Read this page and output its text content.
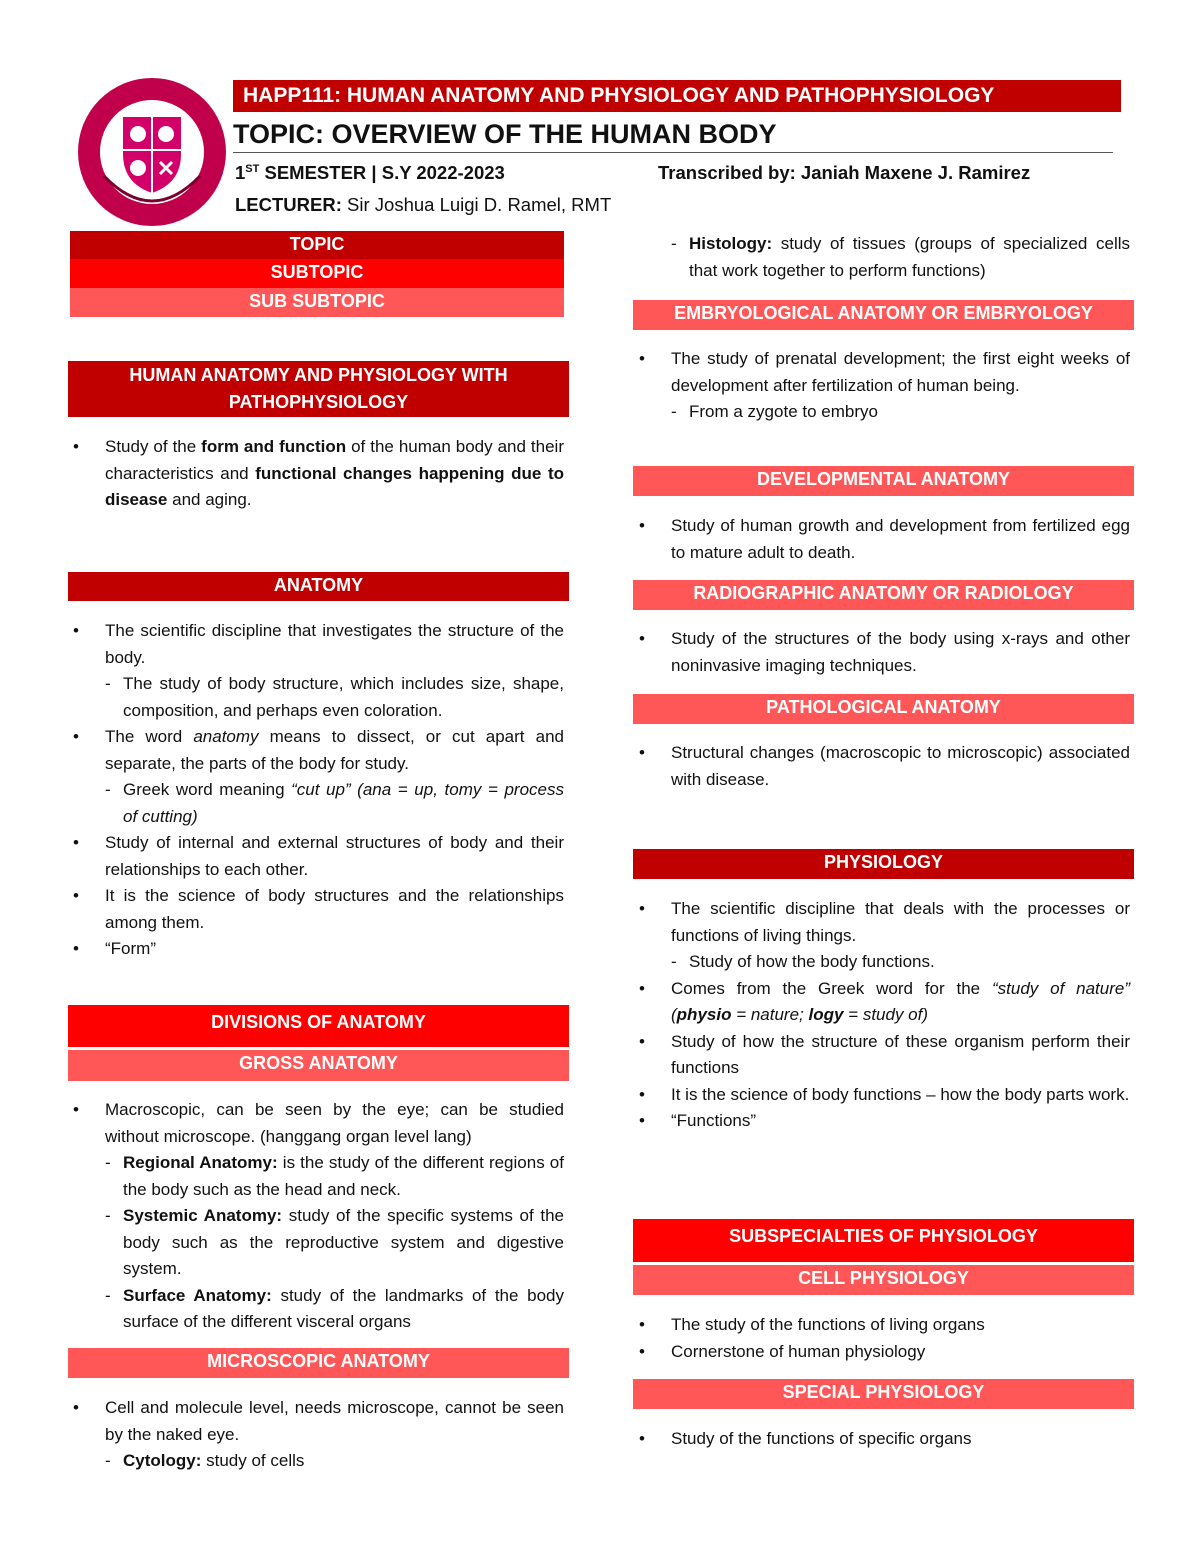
HAPP111: HUMAN ANATOMY AND PHYSIOLOGY AND PATHOPHYSIOLOGY
TOPIC: OVERVIEW OF THE HUMAN BODY
1ST SEMESTER | S.Y 2022-2023	Transcribed by: Janiah Maxene J. Ramirez
LECTURER: Sir Joshua Luigi D. Ramel, RMT
TOPIC
SUBTOPIC
SUB SUBTOPIC
HUMAN ANATOMY AND PHYSIOLOGY WITH PATHOPHYSIOLOGY
• Study of the form and function of the human body and their characteristics and functional changes happening due to disease and aging.
ANATOMY
• The scientific discipline that investigates the structure of the body.
- The study of body structure, which includes size, shape, composition, and perhaps even coloration.
• The word anatomy means to dissect, or cut apart and separate, the parts of the body for study.
- Greek word meaning “cut up” (ana = up, tomy = process of cutting)
• Study of internal and external structures of body and their relationships to each other.
• It is the science of body structures and the relationships among them.
• “Form”
DIVISIONS OF ANATOMY
GROSS ANATOMY
• Macroscopic, can be seen by the eye; can be studied without microscope. (hanggang organ level lang)
- Regional Anatomy: is the study of the different regions of the body such as the head and neck.
- Systemic Anatomy: study of the specific systems of the body such as the reproductive system and digestive system.
- Surface Anatomy: study of the landmarks of the body surface of the different visceral organs
MICROSCOPIC ANATOMY
• Cell and molecule level, needs microscope, cannot be seen by the naked eye.
- Cytology: study of cells
- Histology: study of tissues (groups of specialized cells that work together to perform functions)
EMBRYOLOGICAL ANATOMY OR EMBRYOLOGY
• The study of prenatal development; the first eight weeks of development after fertilization of human being.
- From a zygote to embryo
DEVELOPMENTAL ANATOMY
• Study of human growth and development from fertilized egg to mature adult to death.
RADIOGRAPHIC ANATOMY OR RADIOLOGY
• Study of the structures of the body using x-rays and other noninvasive imaging techniques.
PATHOLOGICAL ANATOMY
• Structural changes (macroscopic to microscopic) associated with disease.
PHYSIOLOGY
• The scientific discipline that deals with the processes or functions of living things.
- Study of how the body functions.
• Comes from the Greek word for the “study of nature” (physio = nature; logy = study of)
• Study of how the structure of these organism perform their functions
• It is the science of body functions – how the body parts work.
• “Functions”
SUBSPECIALTIES OF PHYSIOLOGY
CELL PHYSIOLOGY
• The study of the functions of living organs
• Cornerstone of human physiology
SPECIAL PHYSIOLOGY
• Study of the functions of specific organs
